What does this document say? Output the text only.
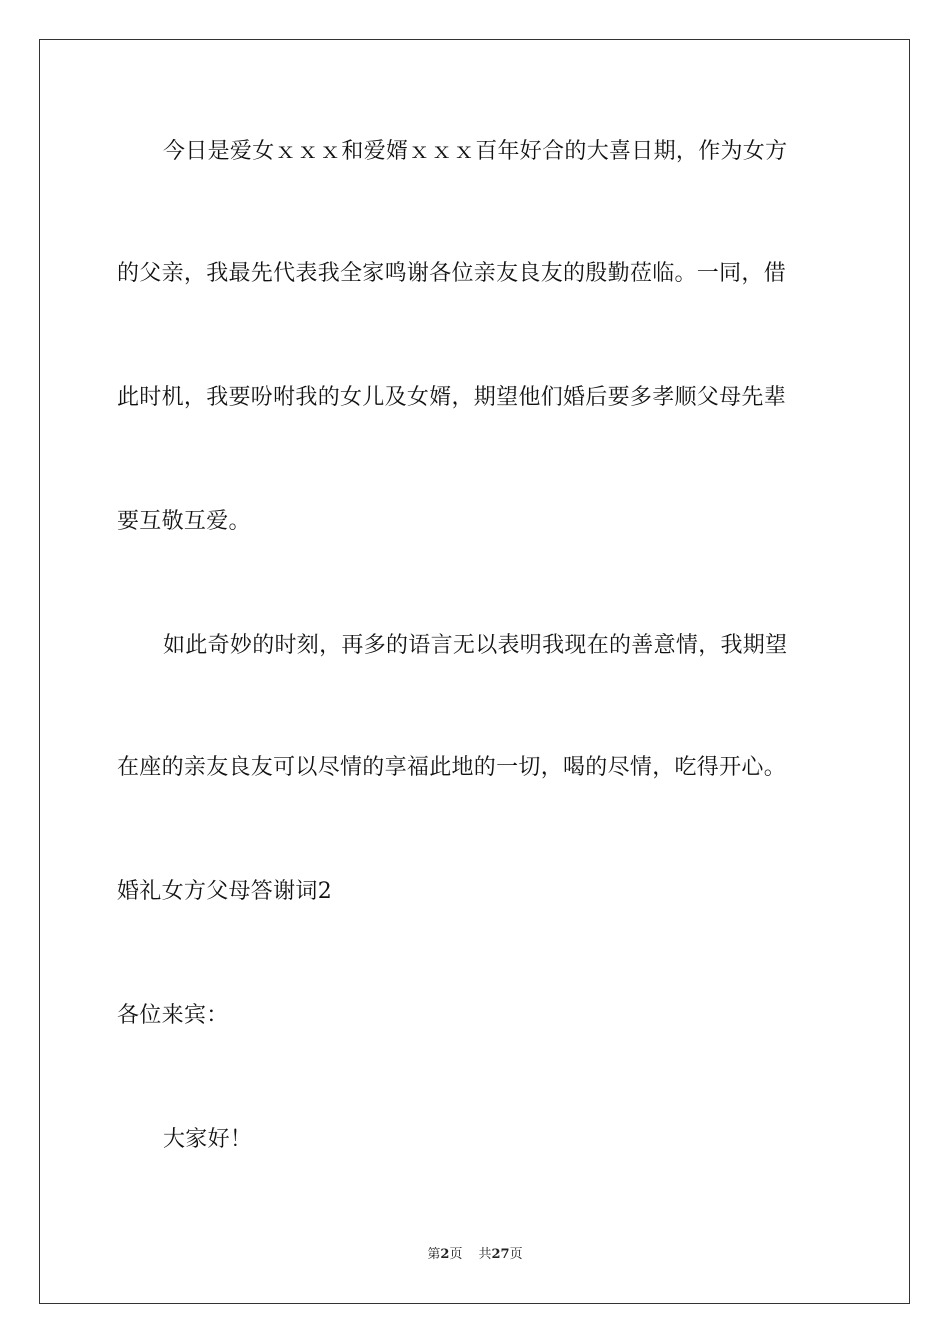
今日是爱女ｘｘｘ和爱婿ｘｘｘ百年好合的大喜日期，作为女方
的父亲，我最先代表我全家鸣谢各位亲友良友的殷勤莅临。一同，借
此时机，我要吩咐我的女儿及女婿，期望他们婚后要多孝顺父母先辈
要互敬互爱。
如此奇妙的时刻，再多的语言无以表明我现在的善意情，我期望
在座的亲友良友可以尽情的享福此地的一切，喝的尽情，吃得开心。
婚礼女方父母答谢词2
各位来宾：
大家好！
第2页 共27页
